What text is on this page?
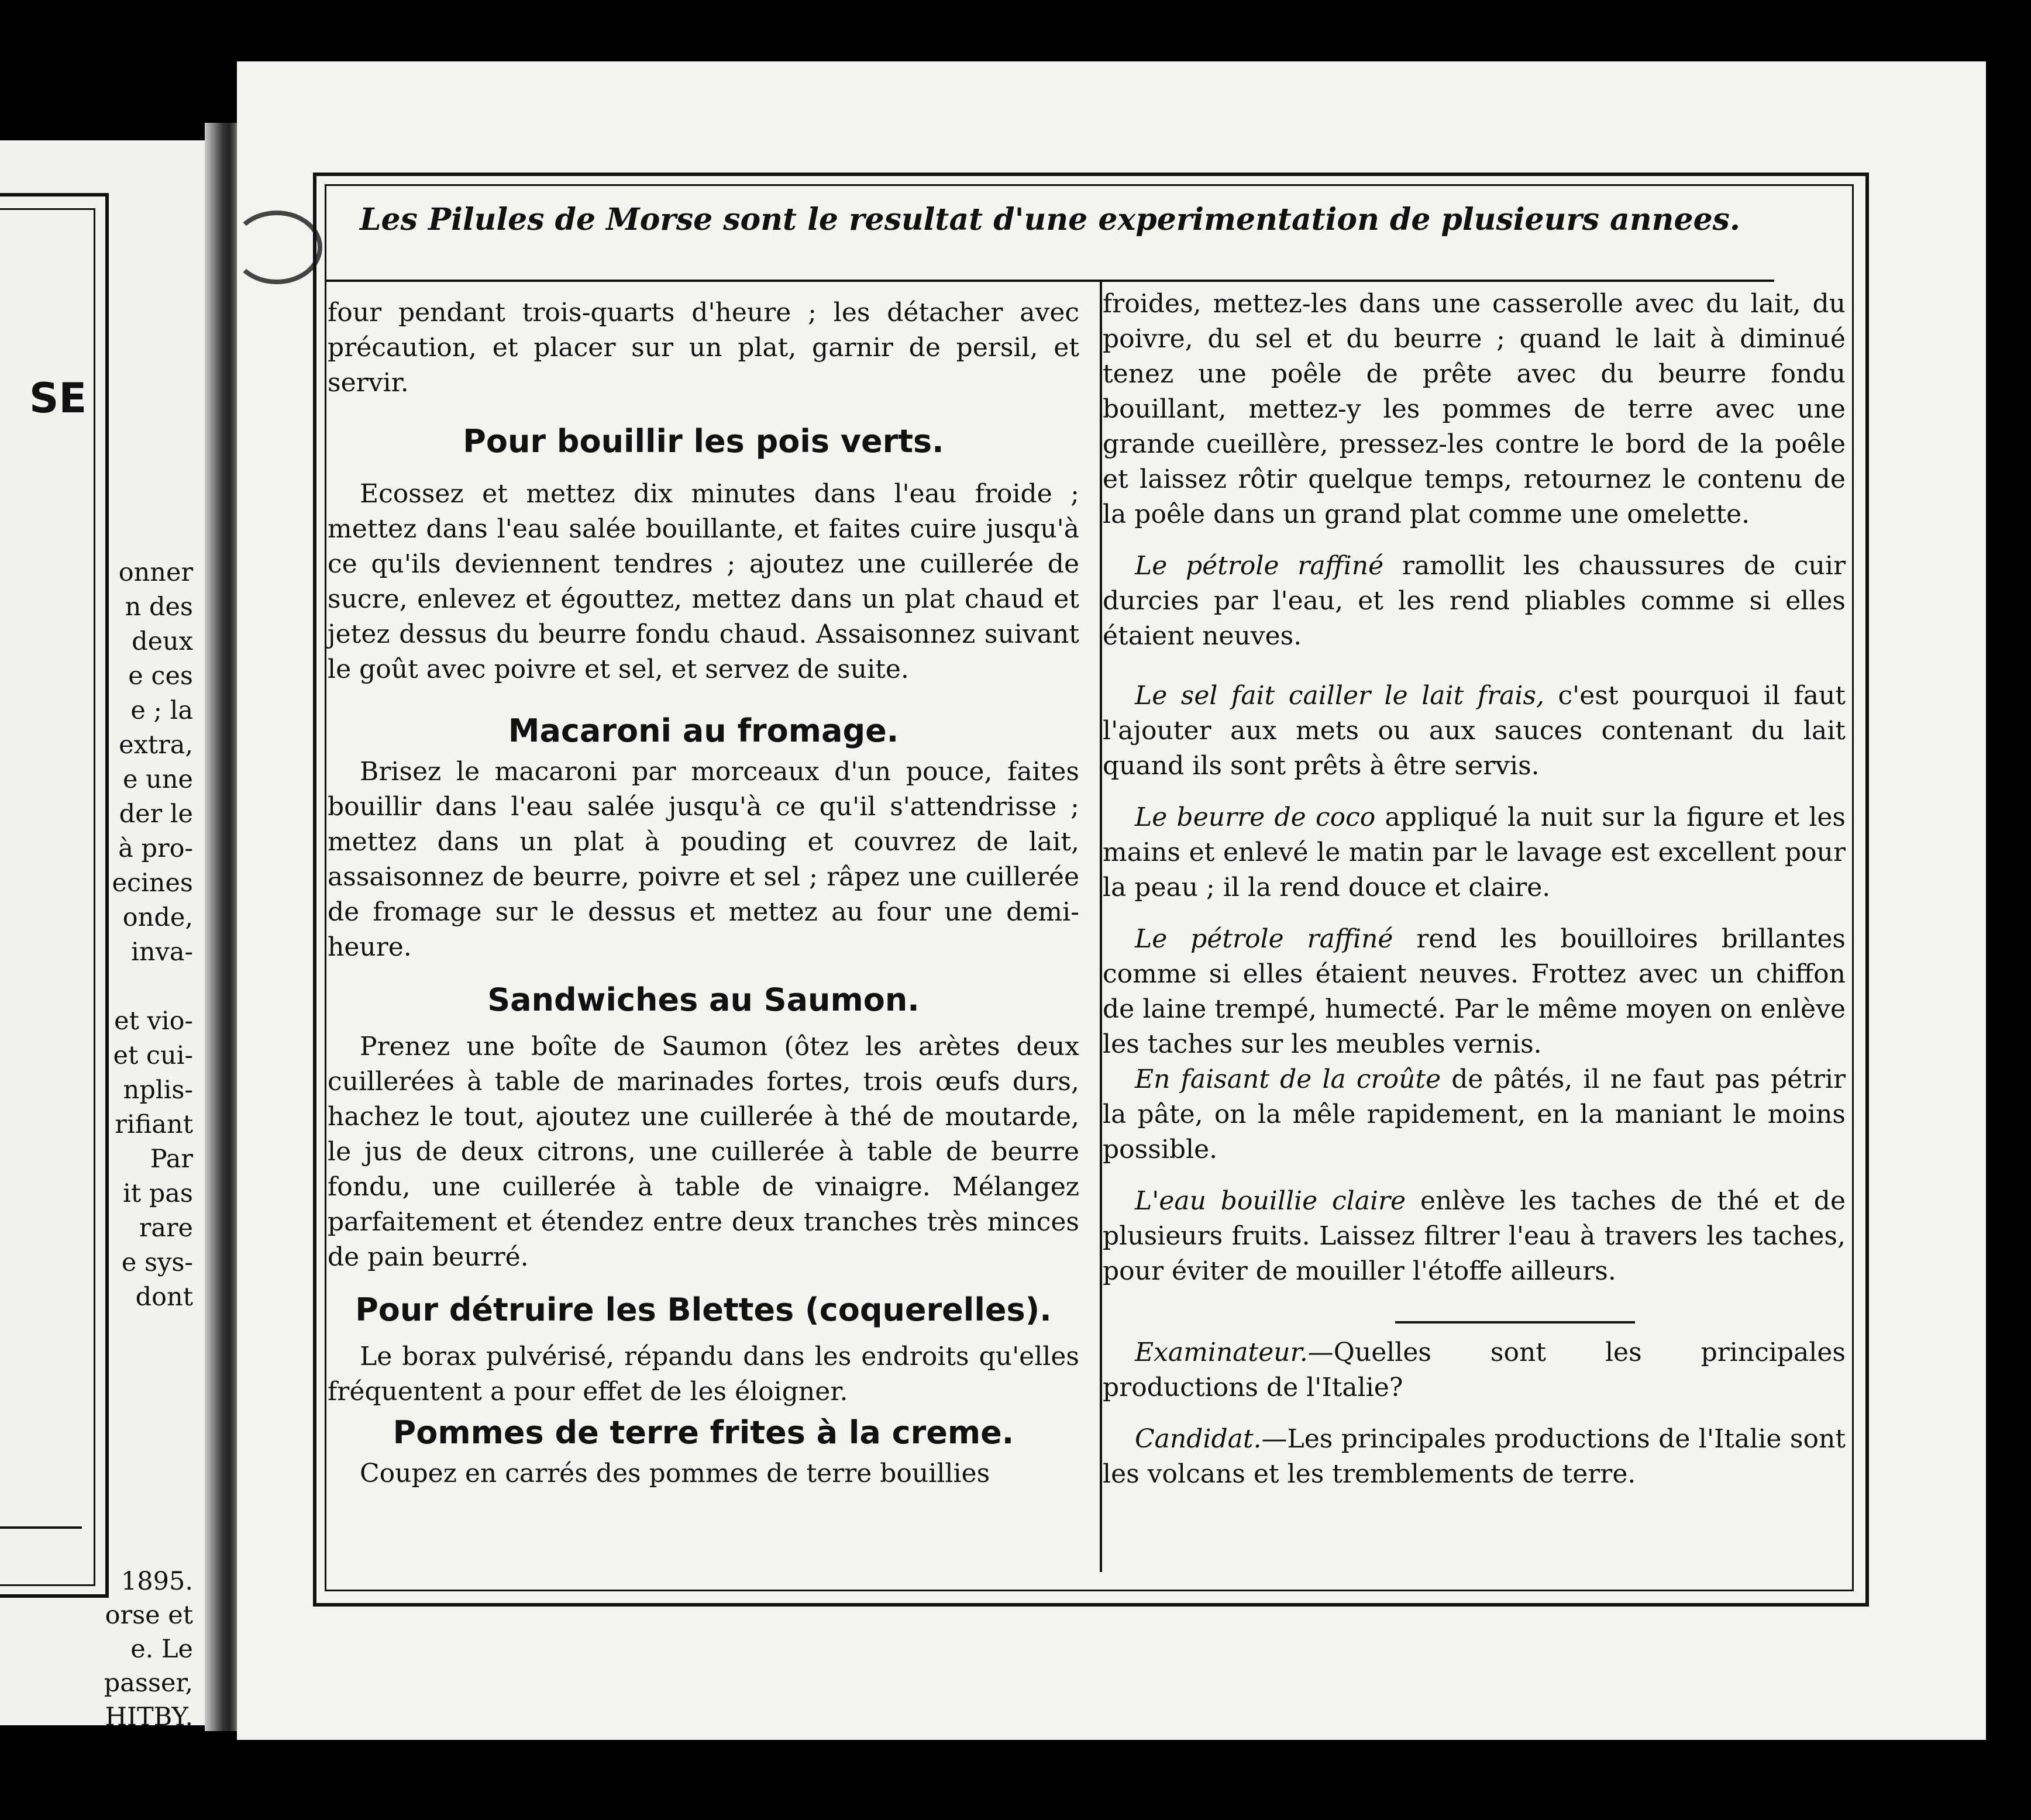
SE
onner
n des
deux
e ces
e ; la
extra,
e une
der le
à pro-
ecines
onde,
inva-

et vio-
et cui-
nplis-
rifiant
Par
it pas
rare
e sys-
dont
1895.
orse et
e. Le
passer,
HITBY.
Les Pilules de Morse sont le resultat d'une experimentation de plusieurs annees.

four pendant trois-quarts d'heure ; les détacher avec précaution, et placer sur un plat, garnir de persil, et servir.

Pour bouillir les pois verts.

Ecossez et mettez dix minutes dans l'eau froide ; mettez dans l'eau salée bouillante, et faites cuire jusqu'à ce qu'ils deviennent tendres ; ajoutez une cuillerée de sucre, enlevez et égouttez, mettez dans un plat chaud et jetez dessus du beurre fondu chaud. Assaisonnez suivant le goût avec poivre et sel, et servez de suite.

Macaroni au fromage.

Brisez le macaroni par morceaux d'un pouce, faites bouillir dans l'eau salée jusqu'à ce qu'il s'attendrisse ; mettez dans un plat à pouding et couvrez de lait, assaisonnez de beurre, poivre et sel ; râpez une cuillerée de fromage sur le dessus et mettez au four une demi-heure.

Sandwiches au Saumon.

Prenez une boîte de Saumon (ôtez les arètes deux cuillerées à table de marinades fortes, trois œufs durs, hachez le tout, ajoutez une cuillerée à thé de moutarde, le jus de deux citrons, une cuillerée à table de beurre fondu, une cuillerée à table de vinaigre. Mélangez parfaitement et étendez entre deux tranches très minces de pain beurré.

Pour détruire les Blettes (coquerelles).

Le borax pulvérisé, répandu dans les endroits qu'elles fréquentent a pour effet de les éloigner.

Pommes de terre frites à la creme.

Coupez en carrés des pommes de terre bouillies

froides, mettez-les dans une casserolle avec du lait, du poivre, du sel et du beurre ; quand le lait à diminué tenez une poêle de prête avec du beurre fondu bouillant, mettez-y les pommes de terre avec une grande cueillère, pressez-les contre le bord de la poêle et laissez rôtir quelque temps, retournez le contenu de la poêle dans un grand plat comme une omelette.

Le pétrole raffiné ramollit les chaussures de cuir durcies par l'eau, et les rend pliables comme si elles étaient neuves.

Le sel fait cailler le lait frais, c'est pourquoi il faut l'ajouter aux mets ou aux sauces contenant du lait quand ils sont prêts à être servis.

Le beurre de coco appliqué la nuit sur la figure et les mains et enlevé le matin par le lavage est excellent pour la peau ; il la rend douce et claire.

Le pétrole raffiné rend les bouilloires brillantes comme si elles étaient neuves. Frottez avec un chiffon de laine trempé, humecté. Par le même moyen on enlève les taches sur les meubles vernis.

En faisant de la croûte de pâtés, il ne faut pas pétrir la pâte, on la mêle rapidement, en la maniant le moins possible.

L'eau bouillie claire enlève les taches de thé et de plusieurs fruits. Laissez filtrer l'eau à travers les taches, pour éviter de mouiller l'étoffe ailleurs.

Examinateur.—Quelles sont les principales productions de l'Italie?

Candidat.—Les principales productions de l'Italie sont les volcans et les tremblements de terre.
